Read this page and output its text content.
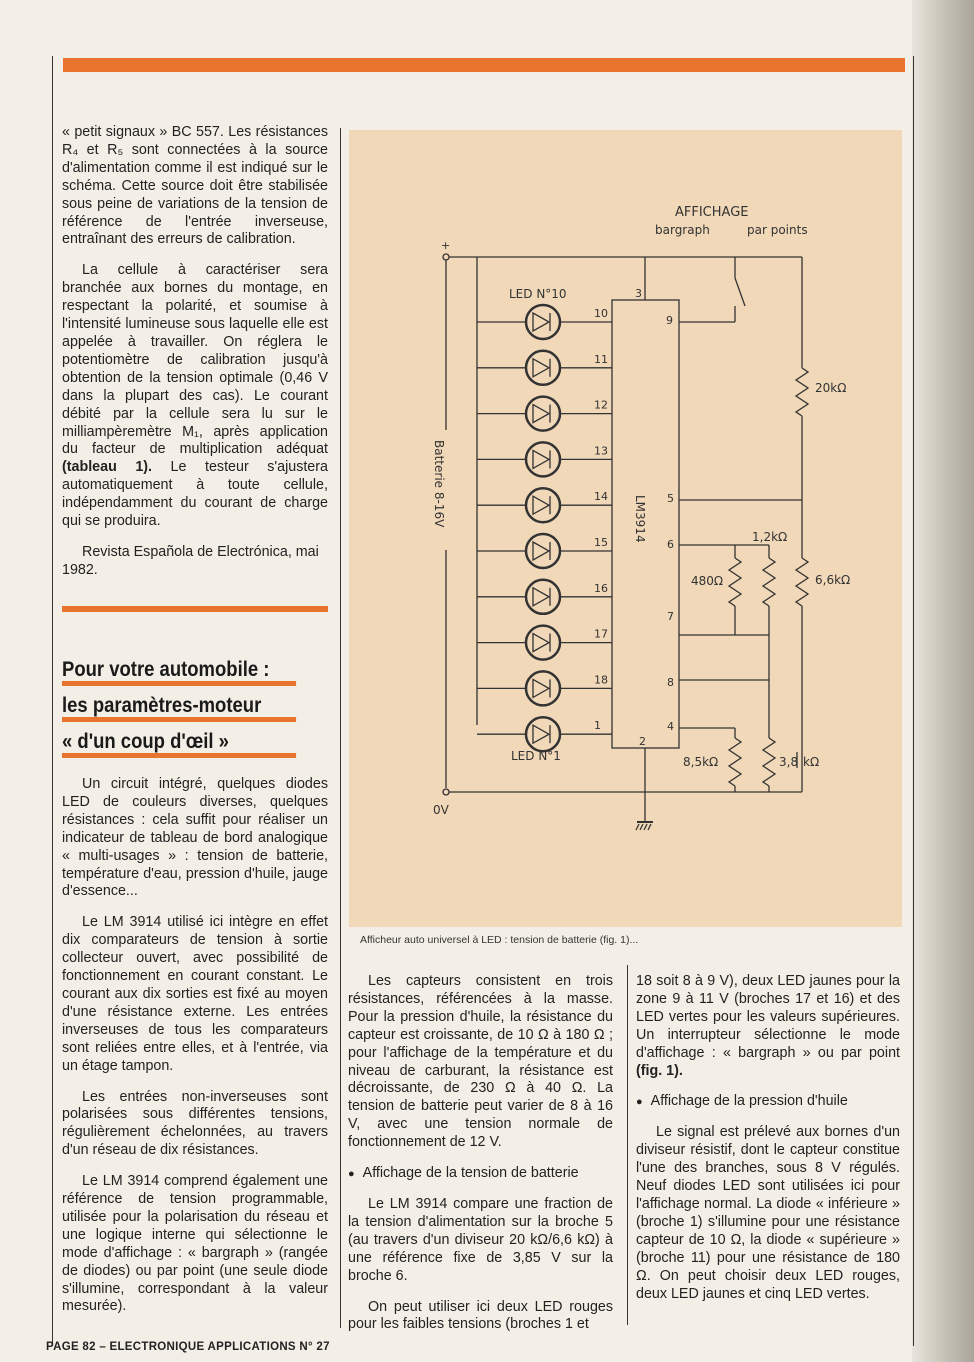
« petit signaux » BC 557. Les résistances R₄ et R₅ sont connectées à la source d'alimentation comme il est indiqué sur le schéma. Cette source doit être stabilisée sous peine de variations de la tension de référence de l'entrée inverseuse, entraînant des erreurs de calibration.

La cellule à caractériser sera branchée aux bornes du montage, en respectant la polarité, et soumise à l'intensité lumineuse sous laquelle elle est appelée à travailler. On réglera le potentiomètre de calibration jusqu'à obtention de la tension optimale (0,46 V dans la plupart des cas). Le courant débité par la cellule sera lu sur le milliampèremètre M₁, après application du facteur de multiplication adéquat (tableau 1). Le testeur s'ajustera automatiquement à toute cellule, indépendamment du courant de charge qui se produira.

Revista Española de Electrónica, mai 1982.

Pour votre automobile :
les paramètres-moteur
« d'un coup d'œil »

Un circuit intégré, quelques diodes LED de couleurs diverses, quelques résistances : cela suffit pour réaliser un indicateur de tableau de bord analogique « multi-usages » : tension de batterie, température d'eau, pression d'huile, jauge d'essence...

Le LM 3914 utilisé ici intègre en effet dix comparateurs de tension à sortie collecteur ouvert, avec possibilité de fonctionnement en courant constant. Le courant aux dix sorties est fixé au moyen d'une résistance externe. Les entrées inverseuses de tous les comparateurs sont reliées entre elles, et à l'entrée, via un étage tampon.

Les entrées non-inverseuses sont polarisées sous différentes tensions, régulièrement échelonnées, au travers d'un réseau de dix résistances.

Le LM 3914 comprend également une référence de tension programmable, utilisée pour la polarisation du réseau et une logique interne qui sélectionne le mode d'affichage : « bargraph » (rangée de diodes) ou par point (une seule diode s'illumine, correspondant à la valeur mesurée).

AFFICHAGE
bargraph	par points
+
Batterie 8-16V
0V
LED N°10
LED N°1
LM3914
10
11
12
13
14
15
16
17
18
1
3
9
20kΩ
6,6kΩ
5
6
1,2kΩ
480Ω
7
8
4
8,5kΩ	3,8 kΩ
2
Afficheur auto universel à LED : tension de batterie (fig. 1)...

Les capteurs consistent en trois résistances, référencées à la masse. Pour la pression d'huile, la résistance du capteur est croissante, de 10 Ω à 180 Ω ; pour l'affichage de la température et du niveau de carburant, la résistance est décroissante, de 230 Ω à 40 Ω. La tension de batterie peut varier de 8 à 16 V, avec une tension normale de fonctionnement de 12 V.

● Affichage de la tension de batterie

Le LM 3914 compare une fraction de la tension d'alimentation sur la broche 5 (au travers d'un diviseur 20 kΩ/6,6 kΩ) à une référence fixe de 3,85 V sur la broche 6.

On peut utiliser ici deux LED rouges pour les faibles tensions (broches 1 et

18 soit 8 à 9 V), deux LED jaunes pour la zone 9 à 11 V (broches 17 et 16) et des LED vertes pour les valeurs supérieures. Un interrupteur sélectionne le mode d'affichage : « bargraph » ou par point (fig. 1).

● Affichage de la pression d'huile

Le signal est prélevé aux bornes d'un diviseur résistif, dont le capteur constitue l'une des branches, sous 8 V régulés. Neuf diodes LED sont utilisées ici pour l'affichage normal. La diode « inférieure » (broche 1) s'illumine pour une résistance capteur de 10 Ω, la diode « supérieure » (broche 11) pour une résistance de 180 Ω. On peut choisir deux LED rouges, deux LED jaunes et cinq LED vertes.

PAGE 82 – ELECTRONIQUE APPLICATIONS N° 27
